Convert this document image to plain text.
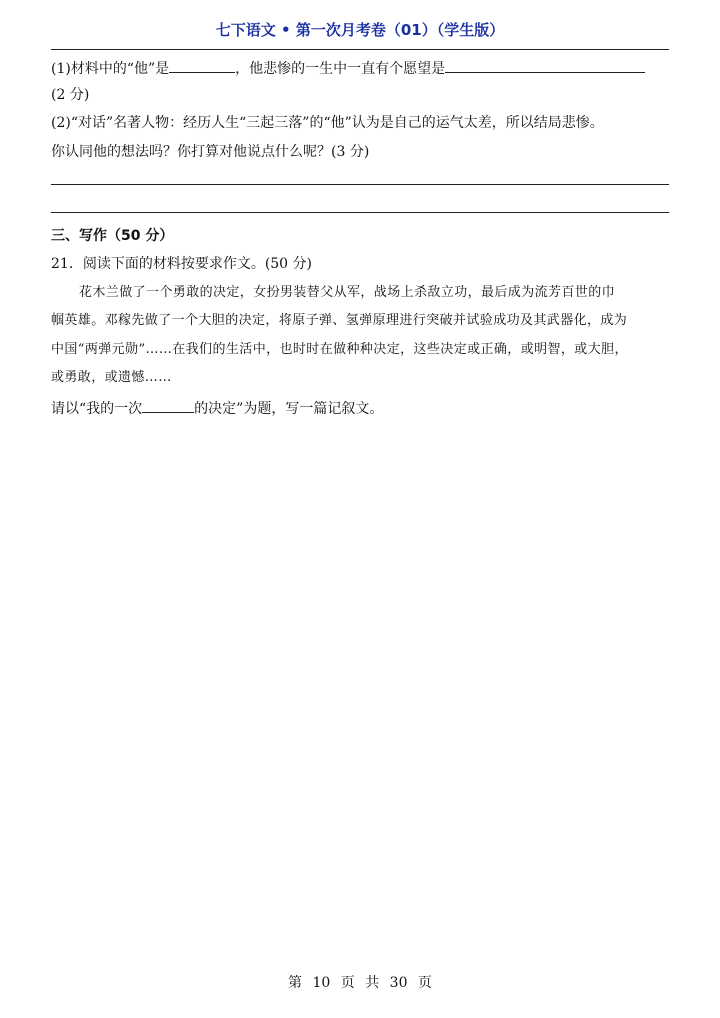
七下语文 • 第一次月考卷（01）（学生版）
(1)材料中的“他”是	，他悲惨的一生中一直有个愿望是
(2 分)
(2)“对话”名著人物：经历人生“三起三落”的“他”认为是自己的运气太差，所以结局悲惨。
你认同他的想法吗？你打算对他说点什么呢？(3 分)
三、写作（50 分）
21．阅读下面的材料按要求作文。(50 分)
花木兰做了一个勇敢的决定，女扮男装替父从军，战场上杀敌立功，最后成为流芳百世的巾
帼英雄。邓稼先做了一个大胆的决定，将原子弹、氢弹原理进行突破并试验成功及其武器化，成为
中国“两弹元勋”……在我们的生活中，也时时在做种种决定，这些决定或正确，或明智，或大胆，
或勇敢，或遗憾……
请以“我的一次	的决定”为题，写一篇记叙文。
第 10 页 共 30 页
